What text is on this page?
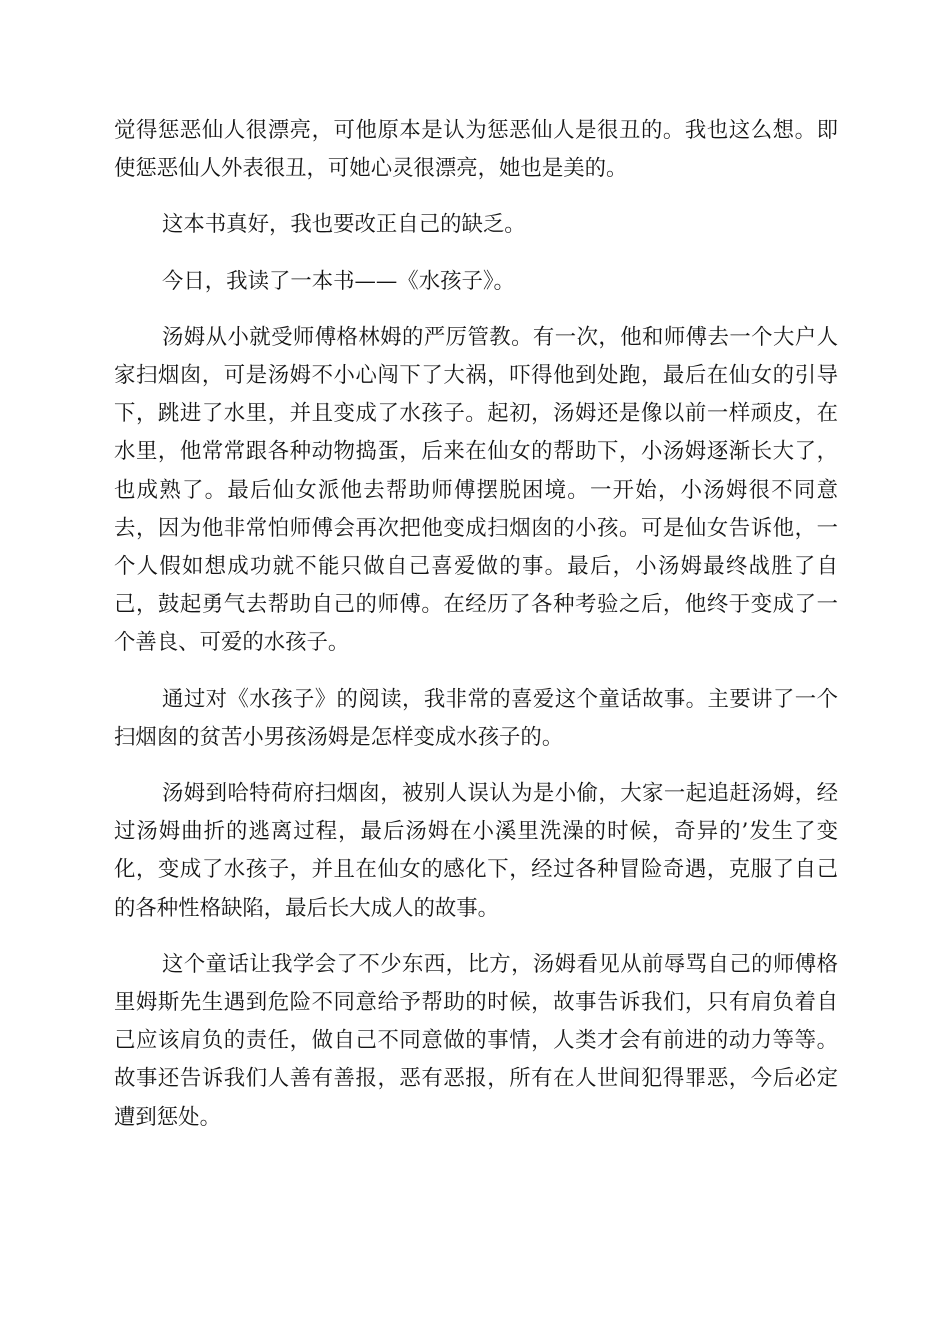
觉得惩恶仙人很漂亮，可他原本是认为惩恶仙人是很丑的。我也这么想。即使惩恶仙人外表很丑，可她心灵很漂亮，她也是美的。

这本书真好，我也要改正自己的缺乏。

今日，我读了一本书——《水孩子》。

汤姆从小就受师傅格林姆的严厉管教。有一次，他和师傅去一个大户人家扫烟囱，可是汤姆不小心闯下了大祸，吓得他到处跑，最后在仙女的引导下，跳进了水里，并且变成了水孩子。起初，汤姆还是像以前一样顽皮，在水里，他常常跟各种动物捣蛋，后来在仙女的帮助下，小汤姆逐渐长大了，也成熟了。最后仙女派他去帮助师傅摆脱困境。一开始，小汤姆很不同意去，因为他非常怕师傅会再次把他变成扫烟囱的小孩。可是仙女告诉他，一个人假如想成功就不能只做自己喜爱做的事。最后，小汤姆最终战胜了自己，鼓起勇气去帮助自己的师傅。在经历了各种考验之后，他终于变成了一个善良、可爱的水孩子。

通过对《水孩子》的阅读，我非常的喜爱这个童话故事。主要讲了一个扫烟囱的贫苦小男孩汤姆是怎样变成水孩子的。

汤姆到哈特荷府扫烟囱，被别人误认为是小偷，大家一起追赶汤姆，经过汤姆曲折的逃离过程，最后汤姆在小溪里洗澡的时候，奇异的’发生了变化，变成了水孩子，并且在仙女的感化下，经过各种冒险奇遇，克服了自己的各种性格缺陷，最后长大成人的故事。

这个童话让我学会了不少东西，比方，汤姆看见从前辱骂自己的师傅格里姆斯先生遇到危险不同意给予帮助的时候，故事告诉我们，只有肩负着自己应该肩负的责任，做自己不同意做的事情，人类才会有前进的动力等等。故事还告诉我们人善有善报，恶有恶报，所有在人世间犯得罪恶，今后必定遭到惩处。
